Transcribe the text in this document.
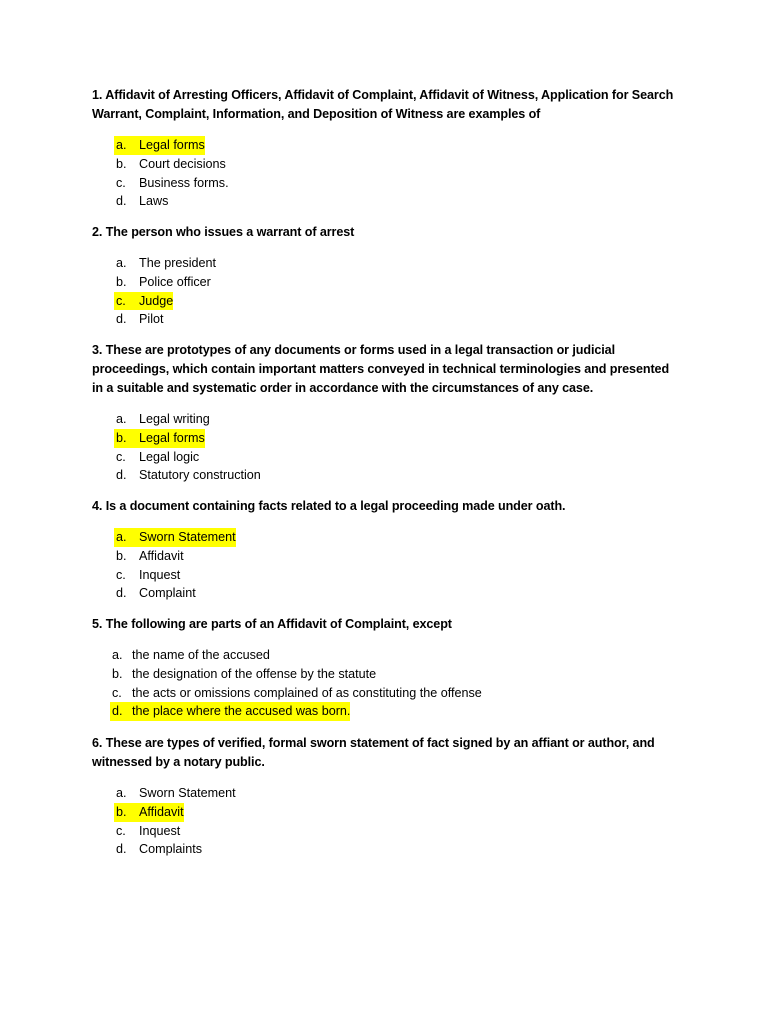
1. Affidavit of Arresting Officers, Affidavit of Complaint, Affidavit of Witness, Application for Search Warrant, Complaint, Information, and Deposition of Witness are examples of

a. Legal forms
b. Court decisions
c.	Business forms.
d. Laws

2. The person who issues a warrant of arrest

a. The president
b. Police officer
c.	Judge
d. Pilot

3. These are prototypes of any documents or forms used in a legal transaction or judicial proceedings, which contain important matters conveyed in technical terminologies and presented in a suitable and systematic order in accordance with the circumstances of any case.

a. Legal writing
b. Legal forms
c.	Legal logic
d. Statutory construction

4. Is a document containing facts related to a legal proceeding made under oath.

a. Sworn Statement
b. Affidavit
c.	Inquest
d. Complaint

5. The following are parts of an Affidavit of Complaint, except

a. the name of the accused
b. the designation of the offense by the statute
c. the acts or omissions complained of as constituting the offense
d. the place where the accused was born.

6. These are types of verified, formal sworn statement of fact signed by an affiant or author, and witnessed by a notary public.

a. Sworn Statement
b. Affidavit
c.	Inquest
d. Complaints
